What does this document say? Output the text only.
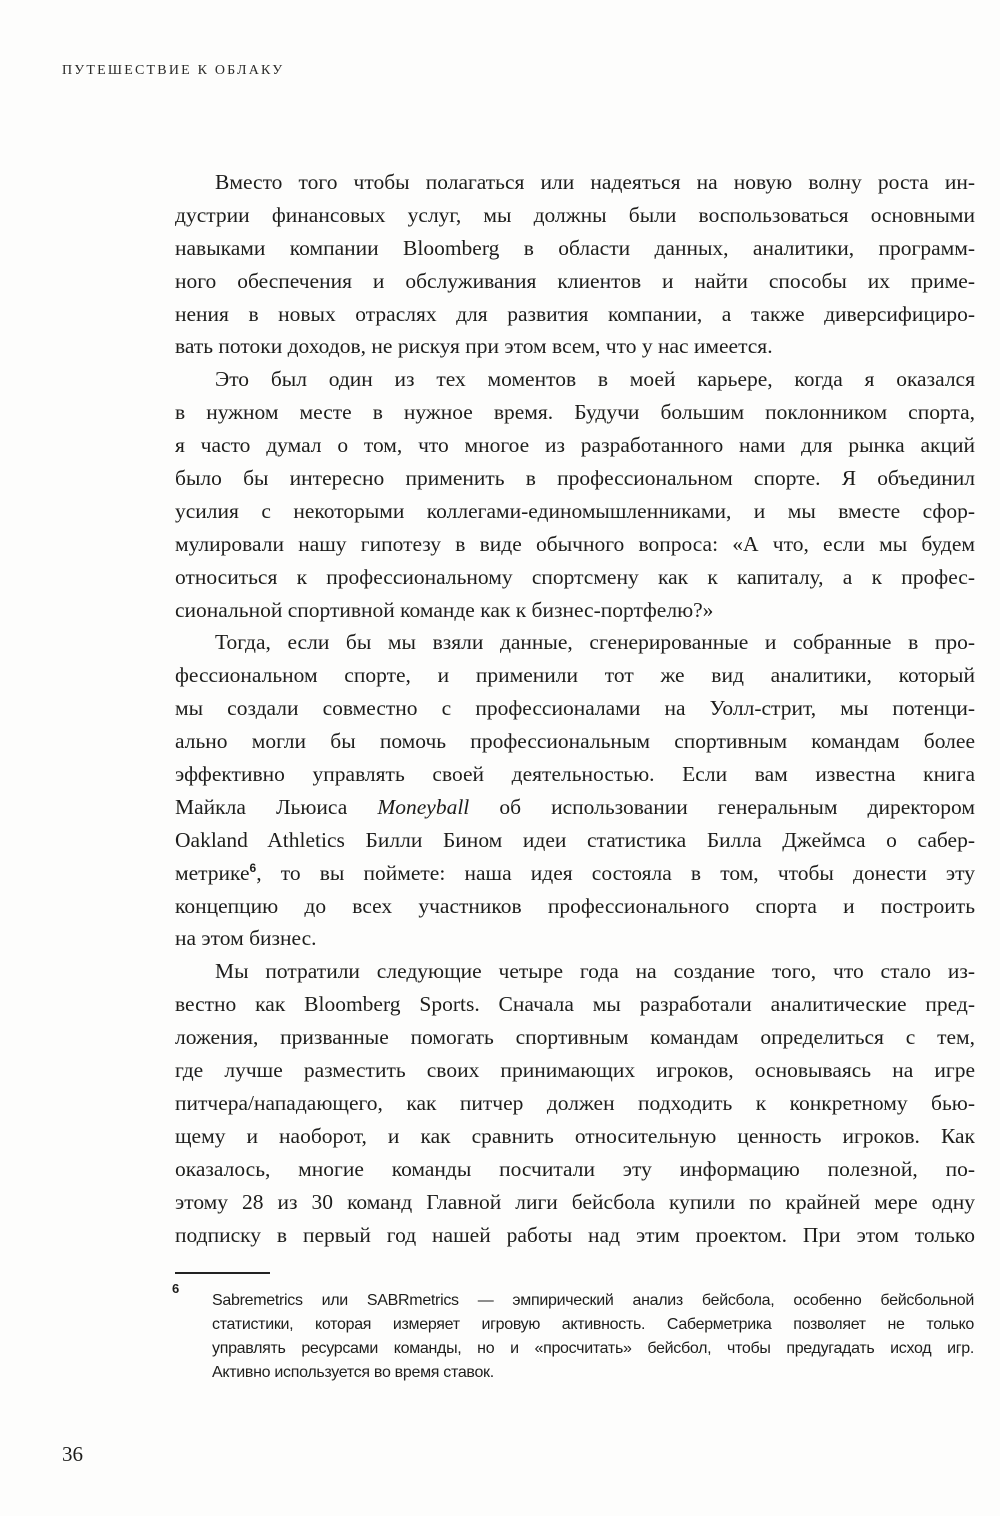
ПУТЕШЕСТВИЕ К ОБЛАКУ
Вместо того чтобы полагаться или надеяться на новую волну роста ин-
дустрии финансовых услуг, мы должны были воспользоваться основными
навыками компании Bloomberg в области данных, аналитики, программ-
ного обеспечения и обслуживания клиентов и найти способы их приме-
нения в новых отраслях для развития компании, а также диверсифициро-
вать потоки доходов, не рискуя при этом всем, что у нас имеется.
Это был один из тех моментов в моей карьере, когда я оказался
в нужном месте в нужное время. Будучи большим поклонником спорта,
я часто думал о том, что многое из разработанного нами для рынка акций
было бы интересно применить в профессиональном спорте. Я объединил
усилия с некоторыми коллегами-единомышленниками, и мы вместе сфор-
мулировали нашу гипотезу в виде обычного вопроса: «А что, если мы будем
относиться к профессиональному спортсмену как к капиталу, а к профес-
сиональной спортивной команде как к бизнес-портфелю?»
Тогда, если бы мы взяли данные, сгенерированные и собранные в про-
фессиональном спорте, и применили тот же вид аналитики, который
мы создали совместно с профессионалами на Уолл-стрит, мы потенци-
ально могли бы помочь профессиональным спортивным командам более
эффективно управлять своей деятельностью. Если вам известна книга
Майкла Льюиса Moneyball об использовании генеральным директором
Oakland Athletics Билли Бином идеи статистика Билла Джеймса о сабер-
метрике$^6$, то вы поймете: наша идея состояла в том, чтобы донести эту
концепцию до всех участников профессионального спорта и построить
на этом бизнес.
Мы потратили следующие четыре года на создание того, что стало из-
вестно как Bloomberg Sports. Сначала мы разработали аналитические пред-
ложения, призванные помогать спортивным командам определиться с тем,
где лучше разместить своих принимающих игроков, основываясь на игре
питчера/нападающего, как питчер должен подходить к конкретному бью-
щему и наоборот, и как сравнить относительную ценность игроков. Как
оказалось, многие команды посчитали эту информацию полезной, по-
этому 28 из 30 команд Главной лиги бейсбола купили по крайней мере одну
подписку в первый год нашей работы над этим проектом. При этом только
6
Sabremetrics или SABRmetrics — эмпирический анализ бейсбола, особенно бейсбольной
статистики, которая измеряет игровую активность. Саберметрика позволяет не только
управлять ресурсами команды, но и «просчитать» бейсбол, чтобы предугадать исход игр.
Активно используется во время ставок.
36
